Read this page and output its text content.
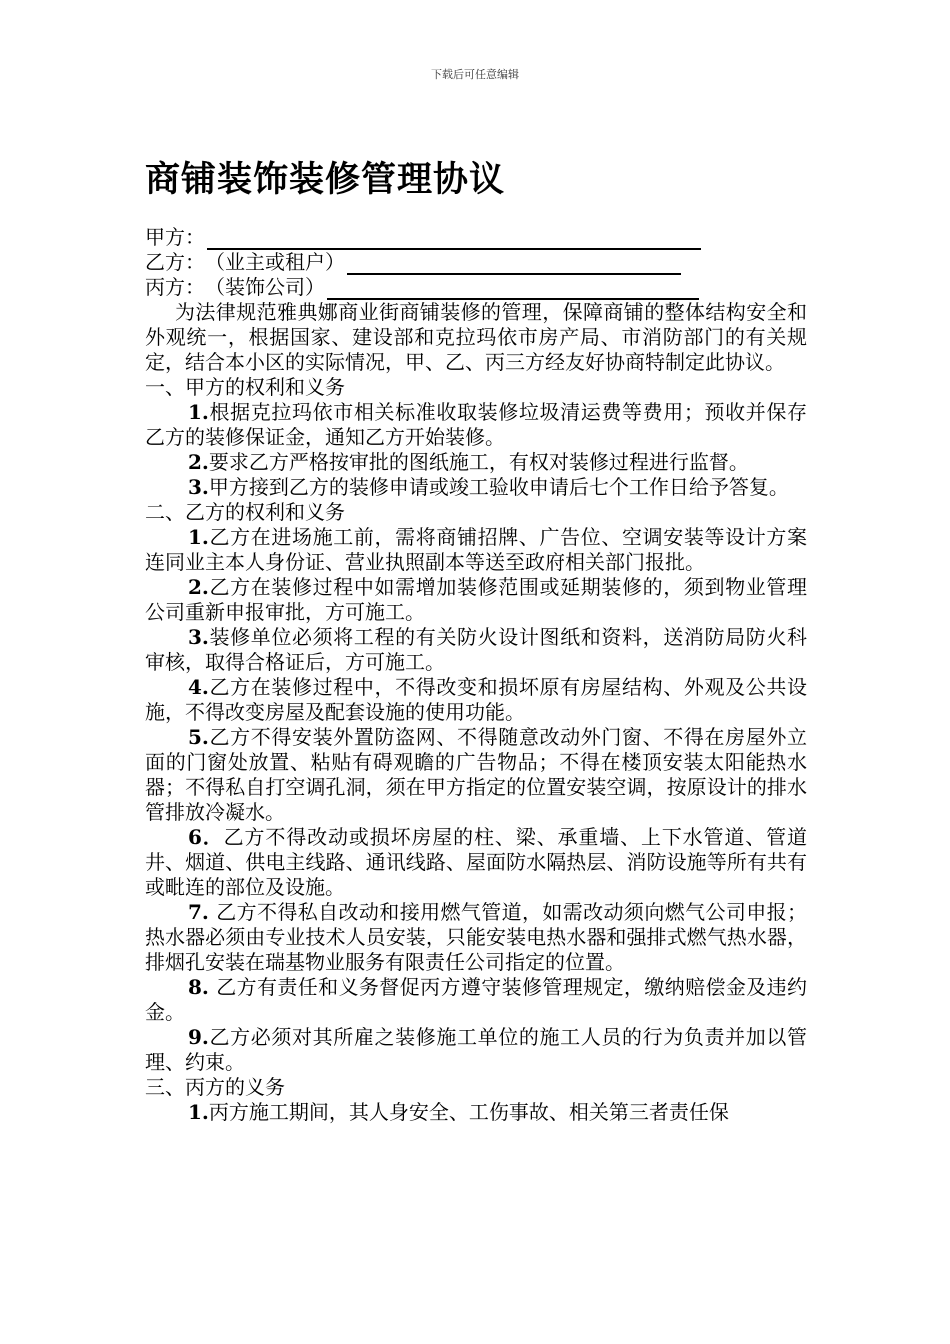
下载后可任意编辑
商铺装饰装修管理协议
甲方：
乙方： （业主或租户）
丙方： （装饰公司）

为法律规范雅典娜商业街商铺装修的管理，保障商铺的整体结构安全和外观统一，根据国家、建设部和克拉玛依市房产局、市消防部门的有关规定，结合本小区的实际情况，甲、乙、丙三方经友好协商特制定此协议。

一、甲方的权利和义务

1.根据克拉玛依市相关标准收取装修垃圾清运费等费用；预收并保存乙方的装修保证金，通知乙方开始装修。

2.要求乙方严格按审批的图纸施工，有权对装修过程进行监督。

3.甲方接到乙方的装修申请或竣工验收申请后七个工作日给予答复。

二、乙方的权利和义务

1.乙方在进场施工前，需将商铺招牌、广告位、空调安装等设计方案连同业主本人身份证、营业执照副本等送至政府相关部门报批。

2.乙方在装修过程中如需增加装修范围或延期装修的，须到物业管理公司重新申报审批，方可施工。

3.装修单位必须将工程的有关防火设计图纸和资料，送消防局防火科审核，取得合格证后，方可施工。

4.乙方在装修过程中，不得改变和损坏原有房屋结构、外观及公共设施，不得改变房屋及配套设施的使用功能。

5.乙方不得安装外置防盗网、不得随意改动外门窗、不得在房屋外立面的门窗处放置、粘贴有碍观瞻的广告物品；不得在楼顶安装太阳能热水器；不得私自打空调孔洞，须在甲方指定的位置安装空调，按原设计的排水管排放冷凝水。

6．乙方不得改动或损坏房屋的柱、梁、承重墙、上下水管道、管道井、烟道、供电主线路、通讯线路、屋面防水隔热层、消防设施等所有共有或毗连的部位及设施。

7. 乙方不得私自改动和接用燃气管道，如需改动须向燃气公司申报；热水器必须由专业技术人员安装，只能安装电热水器和强排式燃气热水器，排烟孔安装在瑞基物业服务有限责任公司指定的位置。

8. 乙方有责任和义务督促丙方遵守装修管理规定，缴纳赔偿金及违约金。

9.乙方必须对其所雇之装修施工单位的施工人员的行为负责并加以管理、约束。

三、丙方的义务

1.丙方施工期间，其人身安全、工伤事故、相关第三者责任保
